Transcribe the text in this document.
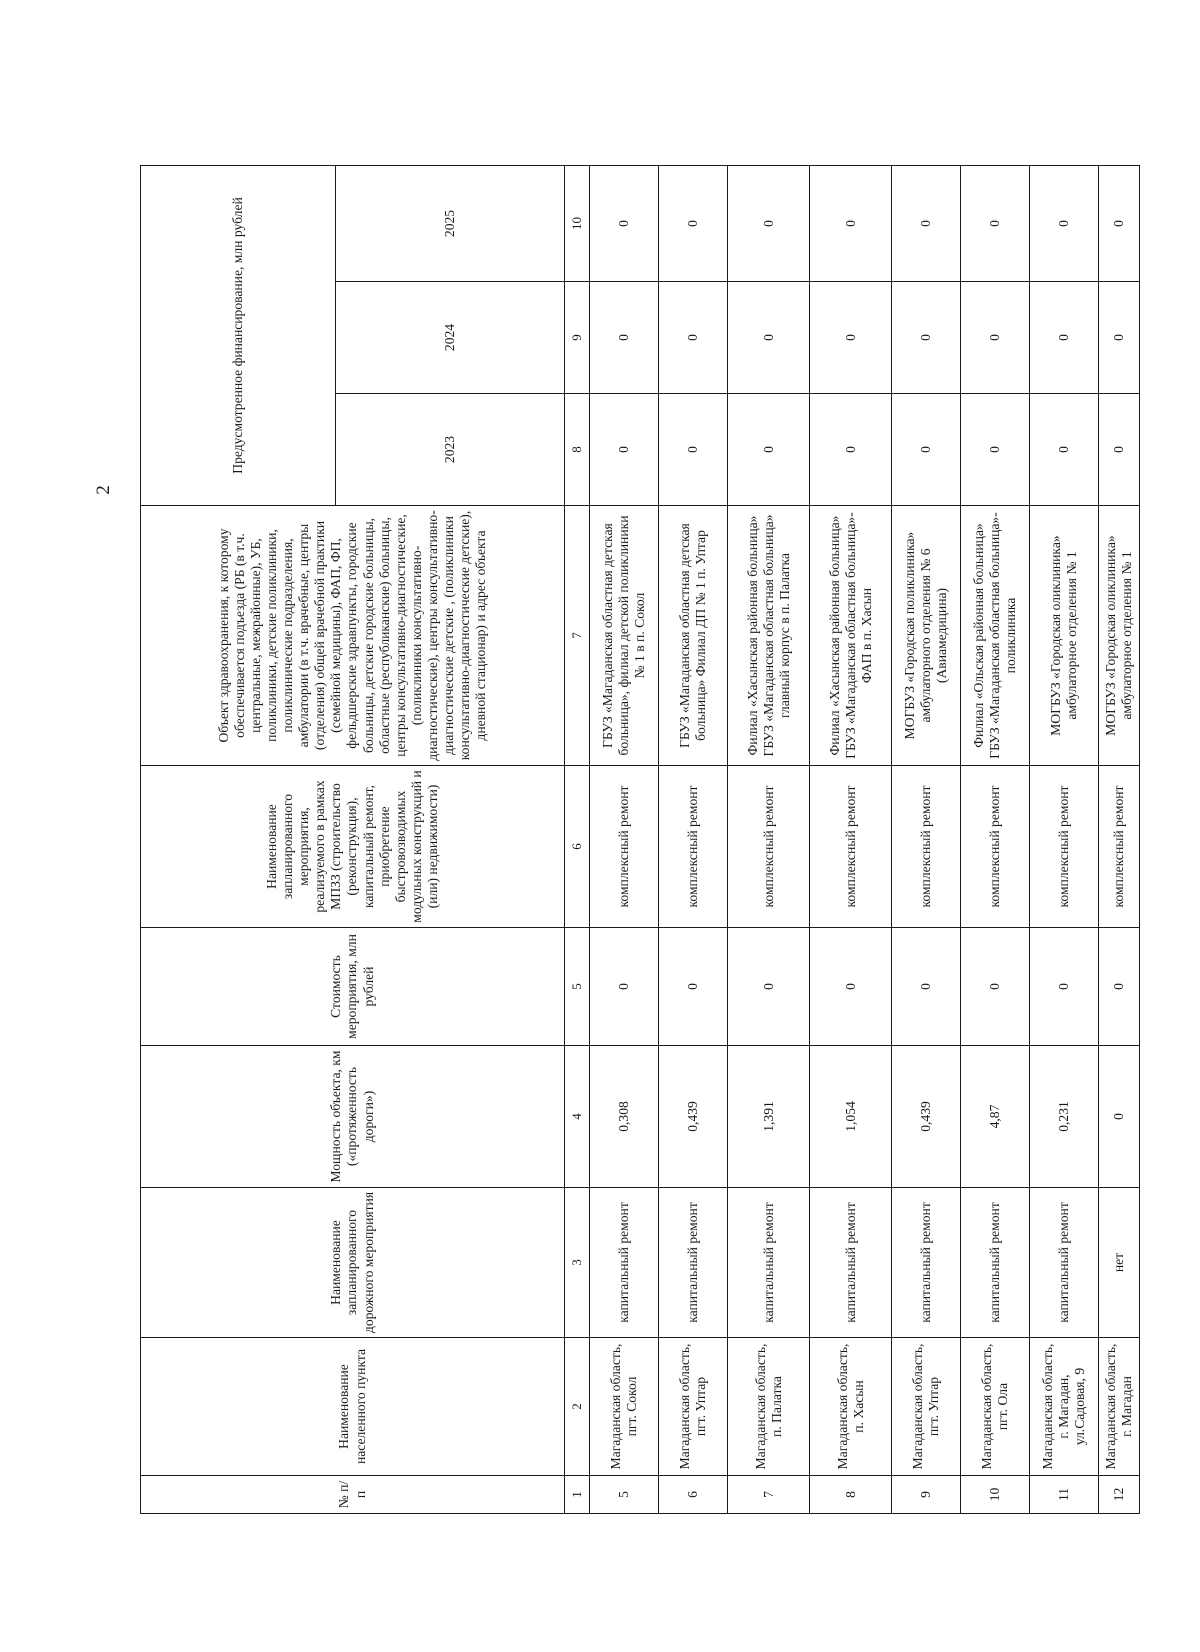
2
№ п/п	Наименование населенного пункта	Наименование запланированного дорожного мероприятия	Мощность объекта, км («протяженность дороги»)	Стоимость мероприятия, млн рублей	Наименование запланированного мероприятия, реализуемого в рамках МПЗЗ (строительство (реконструкция), капитальный ремонт, приобретение быстровозводимых модульных конструкций и (или) недвижимости)	Объект здравоохранения, к которому обеспечивается подъезда (РБ (в т.ч. центральные, межрайонные), УБ, поликлиники, детские поликлиники, поликлинические подразделения, амбулатории (в т.ч. врачебные, центры (отделения) общей врачебной практики (семейной медицины), ФАП, ФП, фельдшерские здравпункты, городские больницы, детские городские больницы, областные (республиканские) больницы, центры консультативно-диагностические, (поликлиники консультативно-диагностические), центры консультативно-диагностические детские , (поликлиники консультативно-диагностические детские), дневной стационар) и адрес объекта	Предусмотренное финансирование, млн рублей		
							2023	2024	2025
1	2	3	4	5	6	7	8	9	10
5	Магаданская область, пгт. Сокол	капитальный ремонт	0,308	0	комплексный ремонт	ГБУЗ «Магаданская областная детская больница», филиал детской поликлиники № 1 в п. Сокол	0	0	0
6	Магаданская область, пгт. Уптар	капитальный ремонт	0,439	0	комплексный ремонт	ГБУЗ «Магаданская областная детская больница» Филиал ДП № 1 п. Уптар	0	0	0
7	Магаданская область, п. Палатка	капитальный ремонт	1,391	0	комплексный ремонт	Филиал «Хасынская районная больница» ГБУЗ «Магаданская областная больница» главный корпус в п. Палатка	0	0	0
8	Магаданская область, п. Хасын	капитальный ремонт	1,054	0	комплексный ремонт	Филиал «Хасынская районная больница» ГБУЗ «Магаданская областная больница»- ФАП в п. Хасын	0	0	0
9	Магаданская область, пгт. Уптар	капитальный ремонт	0,439	0	комплексный ремонт	МОГБУЗ «Городская поликлиника» амбулаторного отделения № 6 (Авиамедицина)	0	0	0
10	Магаданская область, пгт. Ола	капитальный ремонт	4,87	0	комплексный ремонт	Филиал «Ольская районная больница» ГБУЗ «Магаданская областная больница»- поликлиника	0	0	0
11	Магаданская область, г. Магадан, ул.Садовая, 9	капитальный ремонт	0,231	0	комплексный ремонт	МОГБУЗ «Городская оликлиника» амбулаторное отделения № 1	0	0	0
12	Магаданская область, г. Магадан	нет	0	0	комплексный ремонт	МОГБУЗ «Городская оликлиника» амбулаторное отделения № 1	0	0	0
